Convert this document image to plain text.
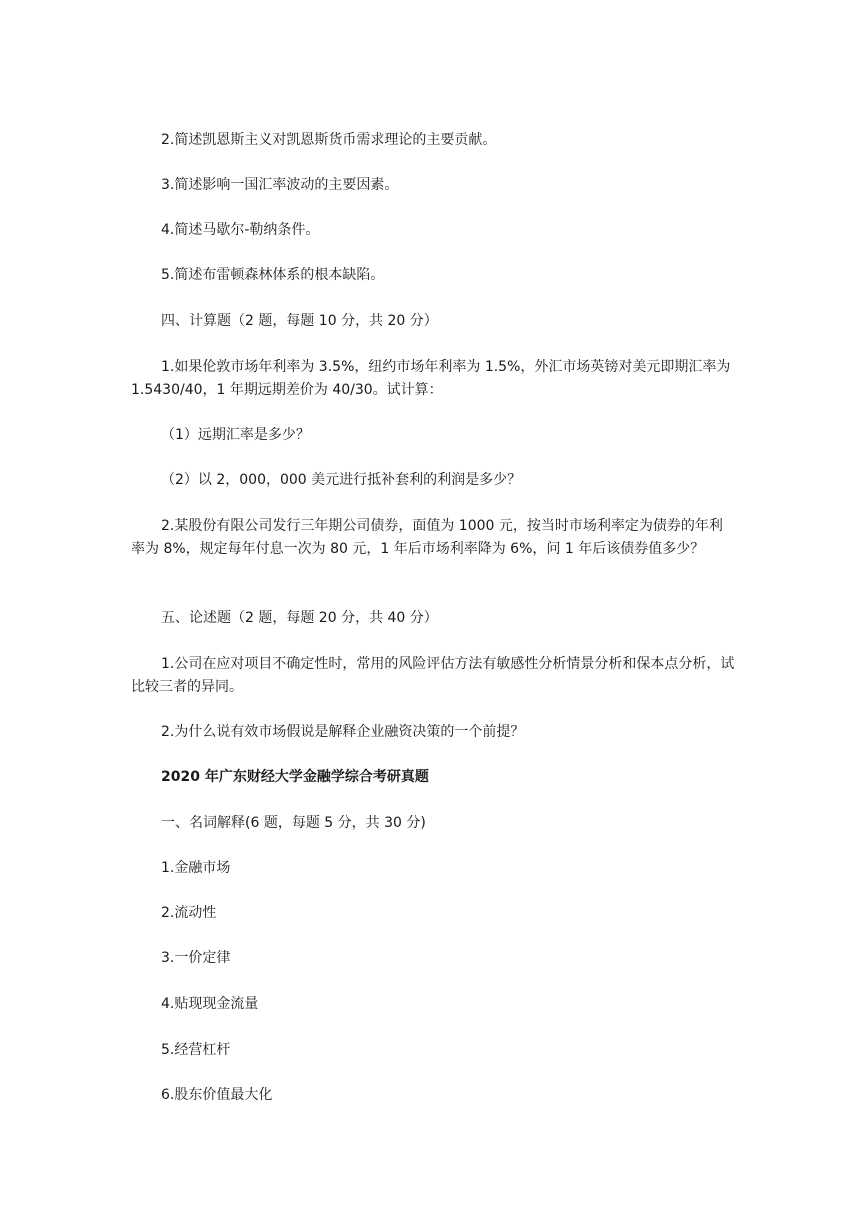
2.简述凯恩斯主义对凯恩斯货币需求理论的主要贡献。

3.简述影响一国汇率波动的主要因素。

4.简述马歇尔-勒纳条件。

5.简述布雷顿森林体系的根本缺陷。

四、计算题（2 题，每题 10 分，共 20 分）

1.如果伦敦市场年利率为 3.5%，纽约市场年利率为 1.5%，外汇市场英镑对美元即期汇率为 1.5430/40，1 年期远期差价为 40/30。试计算：

（1）远期汇率是多少？

（2）以 2，000，000 美元进行抵补套利的利润是多少？

2.某股份有限公司发行三年期公司债券，面值为 1000 元，按当时市场利率定为债券的年利率为 8%，规定每年付息一次为 80 元，1 年后市场利率降为 6%，问 1 年后该债券值多少？

五、论述题（2 题，每题 20 分，共 40 分）

1.公司在应对项目不确定性时，常用的风险评估方法有敏感性分析情景分析和保本点分析，试比较三者的异同。

2.为什么说有效市场假说是解释企业融资决策的一个前提？

2020 年广东财经大学金融学综合考研真题

一、名词解释(6 题，每题 5 分，共 30 分)

1.金融市场

2.流动性

3.一价定律

4.贴现现金流量

5.经营杠杆

6.股东价值最大化
